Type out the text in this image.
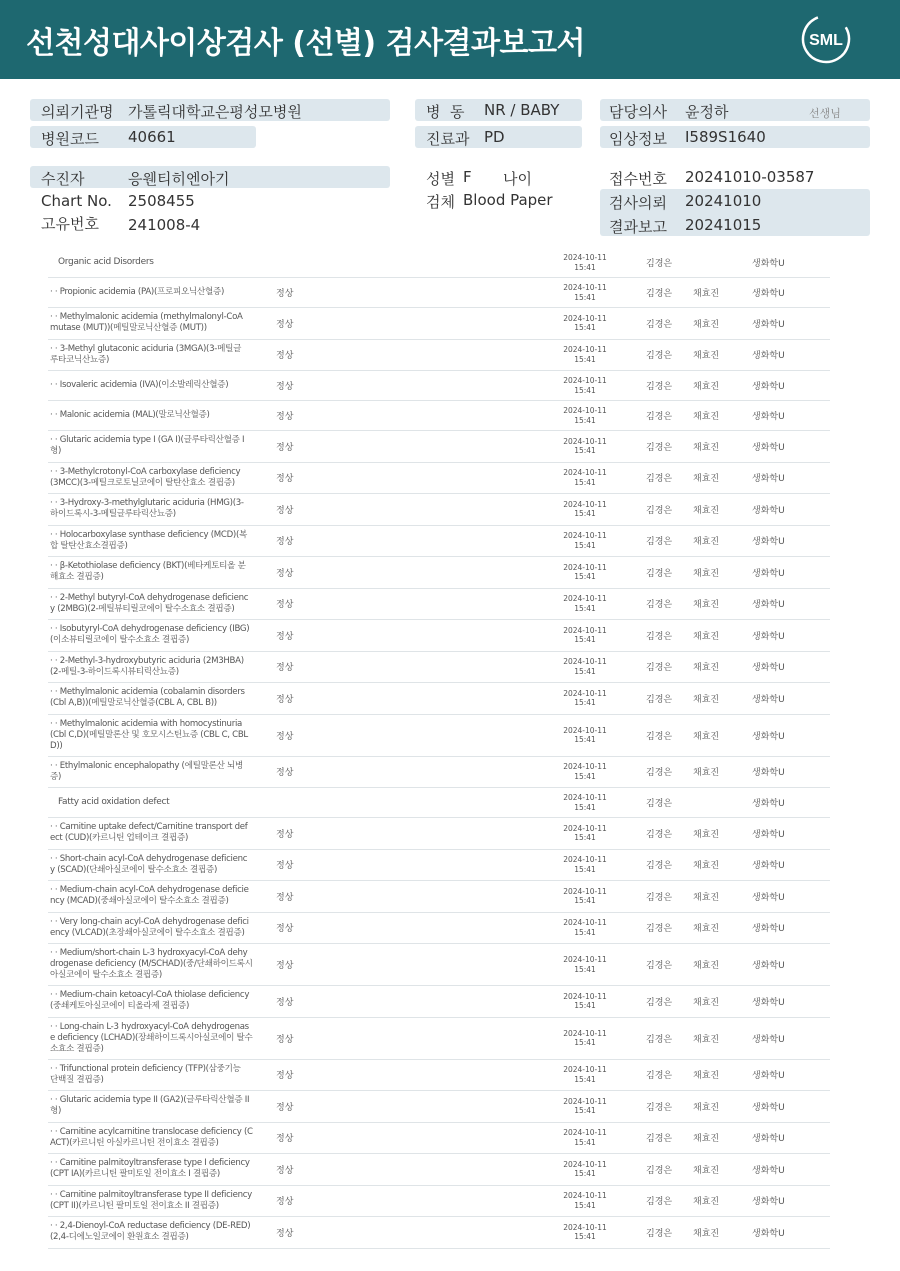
선천성대사이상검사 (선별) 검사결과보고서	SML
의뢰기관명 가톨릭대학교은평성모병원
병원코드 40661
병  동 NR / BABY
진료과 PD
담당의사 윤정하	선생님
임상정보 I589S1640
수진자	응웬티히엔아기
Chart No. 2508455
고유번호 241008-4
성별 F 나이
검체 Blood Paper
접수번호 20241010-03587
검사의뢰 20241010
결과보고 20241015
Organic acid Disorders	2024-10-11
15:41	김경은	생화학U
· · Propionic acidemia (PA)(프로피오닉산혈증)	정상
2024-10-11
15:41	김경은 채효진	생화학U
· · Methylmalonic acidemia (methylmalonyl-CoA
mutase (MUT))(메틸말로닉산혈증 (MUT))	정상
2024-10-11
15:41	김경은 채효진	생화학U
· · 3-Methyl glutaconic aciduria (3MGA)(3-메틸글
루타코닉산뇨증)	정상
2024-10-11
15:41	김경은 채효진	생화학U
· · Isovaleric acidemia (IVA)(이소발레릭산혈증)	정상
2024-10-11
15:41	김경은 채효진	생화학U
· · Malonic acidemia (MAL)(말로닉산혈증)	정상
2024-10-11
15:41	김경은 채효진	생화학U
· · Glutaric acidemia type I (GA I)(글루타릭산혈증 I
형)	정상
2024-10-11
15:41	김경은 채효진	생화학U
· · 3-Methylcrotonyl-CoA carboxylase deficiency
(3MCC)(3-메틸크로토닐코에이 탈탄산효소 결핍증)	정상
2024-10-11
15:41	김경은 채효진	생화학U
· · 3-Hydroxy-3-methylglutaric aciduria (HMG)(3-
하이드록시-3-메틸글루타릭산뇨증)	정상
2024-10-11
15:41	김경은 채효진	생화학U
· · Holocarboxylase synthase deficiency (MCD)(복
합 탈탄산효소결핍증)	정상
2024-10-11
15:41	김경은 채효진	생화학U
· · β-Ketothiolase deficiency (BKT)(베타케토티올 분
해효소 결핍증)	정상
2024-10-11
15:41	김경은 채효진	생화학U
· · 2-Methyl butyryl-CoA dehydrogenase deficienc
y (2MBG)(2-메틸뷰티릴코에이 탈수소효소 결핍증)	정상
2024-10-11
15:41	김경은 채효진	생화학U
· · Isobutyryl-CoA dehydrogenase deficiency (IBG)
(이소뷰티릴코에이 탈수소효소 결핍증)	정상
2024-10-11
15:41	김경은 채효진	생화학U
· · 2-Methyl-3-hydroxybutyric aciduria (2M3HBA)
(2-메틸-3-하이드록시뷰티릭산뇨증)	정상
2024-10-11
15:41	김경은 채효진	생화학U
· · Methylmalonic acidemia (cobalamin disorders
(Cbl A,B))(메틸말로닉산혈증(CBL A, CBL B))	정상
2024-10-11
15:41	김경은 채효진	생화학U
· · Methylmalonic acidemia with homocystinuria
(Cbl C,D)(메틸말론산 및 호모시스틴뇨증 (CBL C, CBL
D))
정상
2024-10-11
15:41	김경은 채효진	생화학U
· · Ethylmalonic encephalopathy (에틸말론산 뇌병
증)	정상
2024-10-11
15:41	김경은 채효진	생화학U
Fatty acid oxidation defect	2024-10-11
15:41	김경은	생화학U
· · Carnitine uptake defect/Carnitine transport def
ect (CUD)(카르니틴 업테이크 결핍증)	정상
2024-10-11
15:41	김경은 채효진	생화학U
· · Short-chain acyl-CoA dehydrogenase deficienc
y (SCAD)(단쇄아실코에이 탈수소효소 결핍증)	정상
2024-10-11
15:41	김경은 채효진	생화학U
· · Medium-chain acyl-CoA dehydrogenase deficie
ncy (MCAD)(중쇄아실코에이 탈수소효소 결핍증)	정상
2024-10-11
15:41	김경은 채효진	생화학U
· · Very long-chain acyl-CoA dehydrogenase defici
ency (VLCAD)(초장쇄아실코에이 탈수소효소 결핍증)	정상
2024-10-11
15:41	김경은 채효진	생화학U
· · Medium/short-chain L-3 hydroxyacyl-CoA dehy
drogenase deficiency (M/SCHAD)(중/단쇄하이드록시
아실코에이 탈수소효소 결핍증)
정상
2024-10-11
15:41	김경은 채효진	생화학U
· · Medium-chain ketoacyl-CoA thiolase deficiency
(중쇄케토아실코에이 티올라제 결핍증)	정상
2024-10-11
15:41	김경은 채효진	생화학U
· · Long-chain L-3 hydroxyacyl-CoA dehydrogenas
e deficiency (LCHAD)(장쇄하이드록시아실코에이 탈수
소효소 결핍증)
정상
2024-10-11
15:41	김경은 채효진	생화학U
· · Trifunctional protein deficiency (TFP)(삼중기능
단백질 결핍증)	정상
2024-10-11
15:41	김경은 채효진	생화학U
· · Glutaric acidemia type II (GA2)(글루타릭산혈증 II
형)	정상
2024-10-11
15:41	김경은 채효진	생화학U
· · Carnitine acylcarnitine translocase deficiency (C
ACT)(카르니틴 아실카르니틴 전이효소 결핍증)	정상
2024-10-11
15:41	김경은 채효진	생화학U
· · Carnitine palmitoyltransferase type I deficiency
(CPT IA)(카르니틴 팔미토일 전이효소 I 결핍증)	정상
2024-10-11
15:41	김경은 채효진	생화학U
· · Carnitine palmitoyltransferase type II deficiency
(CPT II)(카르니틴 팔미토일 전이효소 II 결핍증)	정상
2024-10-11
15:41	김경은 채효진	생화학U
· · 2,4-Dienoyl-CoA reductase deficiency (DE-RED)
(2,4-디에노일코에이 환원효소 결핍증)	정상
2024-10-11
15:41	김경은 채효진	생화학U
